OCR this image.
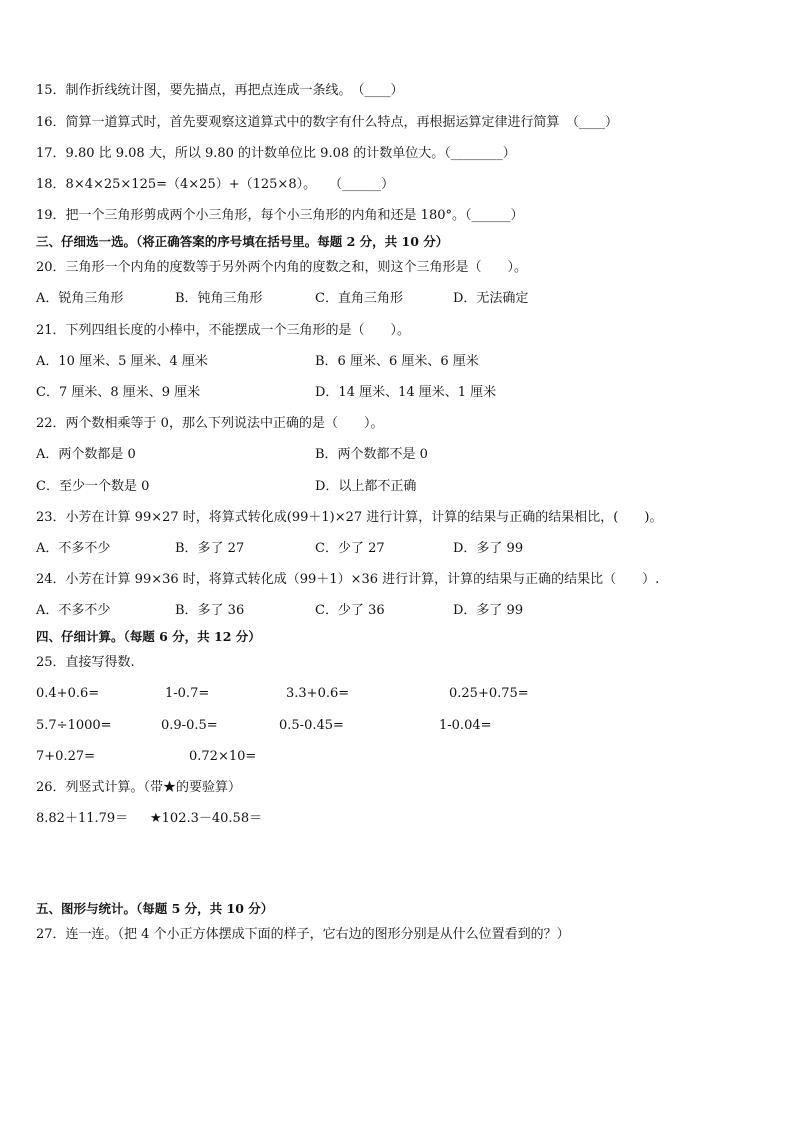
15．制作折线统计图，要先描点，再把点连成一条线。　（____）
16．简算一道算式时，首先要观察这道算式中的数字有什么特点，再根据运算定律进行简算　（____）
17．9.80 比 9.08 大，所以 9.80 的计数单位比 9.08 的计数单位大。（________）
18．8×4×25×125=（4×25）+（125×8）。　　（______）
19．把一个三角形剪成两个小三角形，每个小三角形的内角和还是 180°。（______）
三、仔细选一选。（将正确答案的序号填在括号里。每题 2 分，共 10 分）
20．三角形一个内角的度数等于另外两个内角的度数之和，则这个三角形是（　　）。
A．锐角三角形	B．钝角三角形	C．直角三角形	D．无法确定
21．下列四组长度的小棒中，不能摆成一个三角形的是（　　）。
A．10 厘米、5 厘米、4 厘米	B．6 厘米、6 厘米、6 厘米
C．7 厘米、8 厘米、9 厘米	D．14 厘米、14 厘米、1 厘米
22．两个数相乘等于 0，那么下列说法中正确的是（　　）。
A．两个数都是 0	B．两个数都不是 0
C．至少一个数是 0	D．以上都不正确
23．小芳在计算 99×27 时，将算式转化成(99＋1)×27 进行计算，计算的结果与正确的结果相比，(　　)。
A．不多不少	B．多了 27	C．少了 27	D．多了 99
24．小芳在计算 99×36 时，将算式转化成（99＋1）×36 进行计算，计算的结果与正确的结果比（　　）.
A．不多不少	B．多了 36	C．少了 36	D．多了 99
四、仔细计算。（每题 6 分，共 12 分）
25．直接写得数.
0.4+0.6=	1-0.7=	3.3+0.6=	0.25+0.75=
5.7÷1000=	0.9-0.5=	0.5-0.45=	1-0.04=
7+0.27=	0.72×10=
26．列竖式计算。（带★的要验算）
8.82＋11.79＝ ★102.3－40.58＝
五、图形与统计。（每题 5 分，共 10 分）
27．连一连。（把 4 个小正方体摆成下面的样子，它右边的图形分别是从什么位置看到的？）
